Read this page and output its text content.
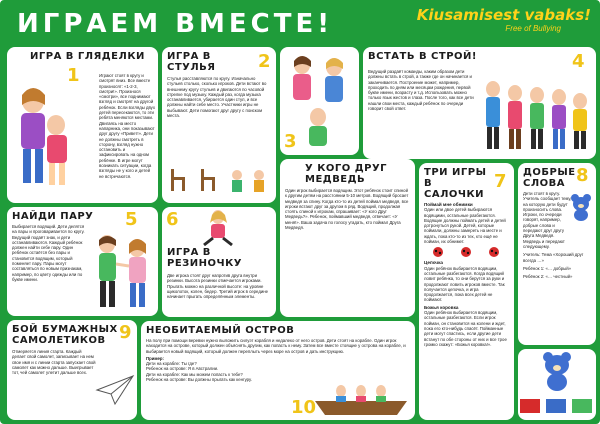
ИГРАЕМ ВМЕСТЕ!	Kiusamisest vabaks!
Free of Bullying
ИГРА В ГЛЯДЕЛКИ
1	Играют стоят в кругу и смотрят вниз. Все вместе произносят: «1-2-3, смотри!». Произнося «смотри», все поднимают взгляд и смотрят на другой ребёнок. Если взгляды двух детей пересекаются, то эти ребята меняются местами. Двигаясь на место напарника, они показывают друг другу «Привет!». Дети не должны смотреть в сторону, взгляд нужно остановить и зафиксировать на одном ребёнке. В игре могут возникать ситуации, когда взгляды не у кого и детей не встречаются.

ИГРА В СТУЛЬЯ	2

Стулья расставляются по кругу. Изначально стульев столько, сколько игроков. Дети встают во внешнему кругу стульев и двигаются по часовой стрелке под музыку. Каждый раз, когда музыка останавливается, убирается один стул, и все должны найти себе место. Участники игры не выбывают. Дети помогают друг другу с поиском места.

3
ВСТАТЬ В СТРОЙ!	4

Ведущий раздаёт команды, каким образом дети должны встать в строй, а также где он начинается и заканчивается. Построение может, например, проходить по дням или месяцам рождения, первой букве имени, возрасту и т.д. Использовать можно только язык жестов и глаза. После того, как все дети нашли свои места, каждый ребёнок по очереди говорит свой ответ.

У КОГО ДРУГ МЕДВЕДЬ

Один игрок выбирается водящим. Этот ребёнок стоит спиной к другим детям на расстоянии 5-10 метров. Водящий бросает медведя за спину. Когда кто-то из детей поймал медведя, все игроки встают друг за другом в ряд. Водящий, продолжая стоять спиной к игрокам, спрашивает: «У кого Друг Медведь?». Ребенок, поймавший медведя, отвечает: «У меня!». Ваша задача по голосу угадать, кто поймал Друга Медведя.

ТРИ ИГРЫ В САЛОЧКИ
7
Поймай мне обнимки

Один или двое детей выбираются водящими, остальные разбегаются. Водящие должны поймать детей и детей дотронуться рукой. Детей, которые поймали, должны замереть на месте и ждать, пока кто-то из тех, кто ещё не пойман, их обнимет.

Цепочка

Один ребёнок выбирается водящим, остальные разбегаются. Когда водящий ловит ребёнка, то они берутся за руки и продолжают ловить игроков вместе. Так получается цепочка, и игра продолжается, пока всех детей не поймают.

Божья коровка

Один ребёнок выбирается водящим, остальные разбегаются. Если игрок пойман, он становится на колени и ждет, пока его кто-нибудь спасёт. Пойманные дети могут спастись, если другие дети встанут по обе стороны от них и все трое громко скажут: «Божья коровка!».

ДОБРЫЕ СЛОВА 8

Дети стоят в кругу. Учитель сообщает тему, на которую дети будут произносить слова. Игроки, по очереди говорят, например, добрые слова и передают друг другу Друга Медведя. Медведь и передают следующему.

Учитель: Тема «Хороший друг всегда …»

Ребёнок 1: «… добрый»

Ребёнок 2: «… честный»

НАЙДИ ПАРУ	5

Выбирается водящий. Дети делятся на пары и проговаривается по кругу. Ведущий подаёт знак, и дети останавливаются. Каждый ребёнок должен найти себе пару. Один ребёнок остаётся без пары и становится водящим, который поменяет пару. Пары могут составляться по новым признакам, например, по цвету одежды или по букве имени.

6
ИГРА В РЕЗИНОЧКУ

Две игрока стоят друг напротив друга внутри резинки. Высота резинки отмечается игроками. Прыгать можно на различной высоте: на уровне щиколоток, колен, бедер. Третий игрок в середине начинает прыгать определённым элементы.

БОЙ БУМАЖНЫХ САМОЛЕТИКОВ 9

Отмеряется линия старта. Каждый делает свой самолет, записывает на нем свое имя и с линии старта запускает свой самолет как можно дальше. Выигрывает тот, чей самолет улетит дальше всех.

НЕОБИТАЕМЫЙ ОСТРОВ

На полу при помощи веревки нужно выложить силуэт корабля и недалеко от него остров. Дети стоят на корабле. Один игрок находится на острове, который должен объяснять другим, как попасть к нему. Затем все вместе стоящие у острова на корабле, и выбирается новый водящий, который должен переплыть через море на остров и дать инструкцию.

Пример:

Дети на корабле: Ты где?

Ребенок на острове: Я в Австралии.

Дети на корабле: Как мы можем попасть к тебе?

Ребенок на острове: Вы должны прыгать как кенгуру.

10
